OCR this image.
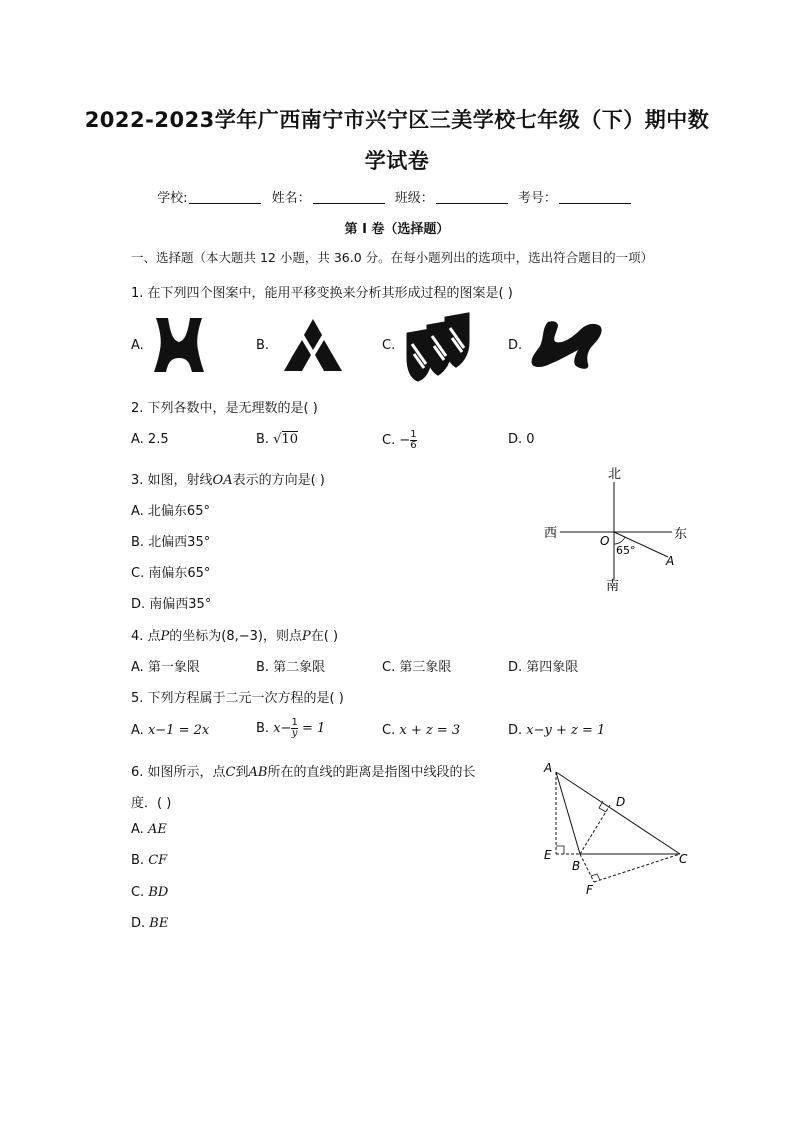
2022-2023学年广西南宁市兴宁区三美学校七年级（下）期中数
学试卷
学校:	姓名：	班级：	考号：
第 I 卷（选择题）
一、选择题（本大题共 12 小题，共 36.0 分。在每小题列出的选项中，选出符合题目的一项）
1. 在下列四个图案中，能用平移变换来分析其形成过程的图案是( )
A.	B.	C.	D.
2. 下列各数中，是无理数的是( )
A. 2.5	B. √10	C. − $\frac{1}{6}$	D. 0
3. 如图，射线OA表示的方向是( )
A. 北偏东65°
B. 北偏西35°
C. 南偏东65°
D. 南偏西35°
北
南
西	东
O
A
65°
4. 点P的坐标为(8,−3)，则点P在( )
A. 第一象限	B. 第二象限	C. 第三象限	D. 第四象限
5. 下列方程属于二元一次方程的是( )
A. x−1 = 2x	B. $x- \frac{1}{y} = 1$	C. x + z = 3	D. x−y + z = 1
6. 如图所示，点C到AB所在的直线的距离是指图中线段的长
度．( )
A. AE
B. CF
C. BD
D. BE
A
B	C
D
E
F
